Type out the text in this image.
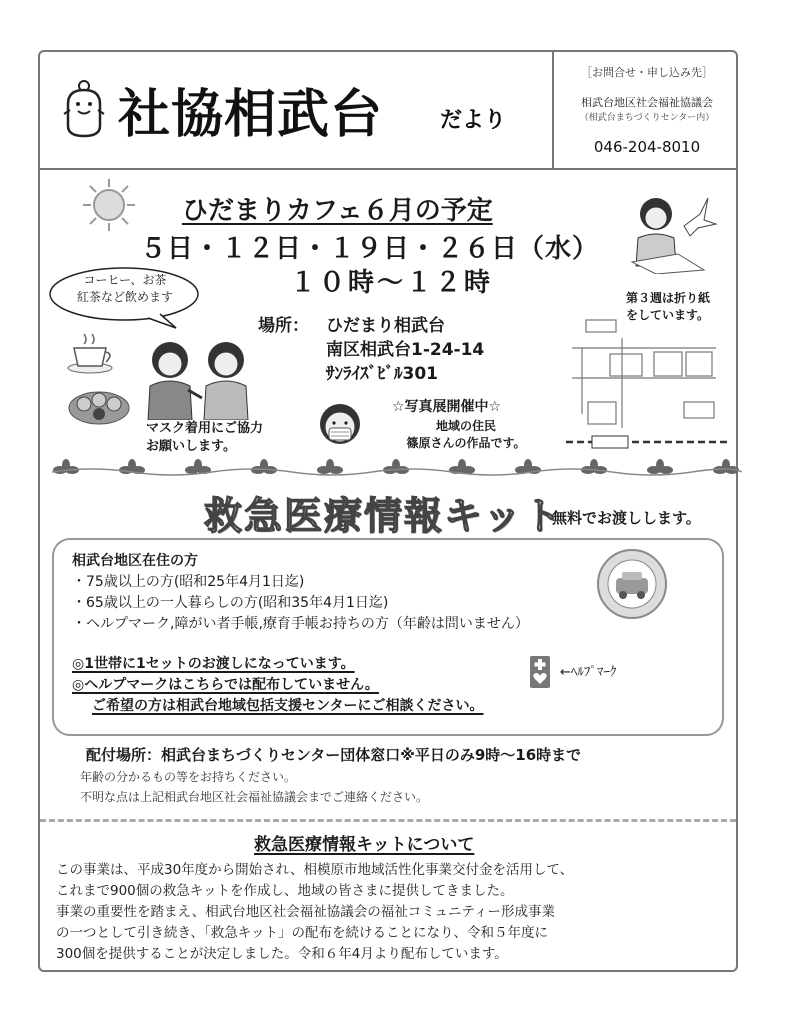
社協相武台	だより
［お問合せ・申し込み先］
相武台地区社会福祉協議会
（相武台まちづくりセンター内）
046-204-8010
ひだまりカフェ６月の予定
５日・１２日・１９日・２６日（水）
１０時～１２時
コーヒー、お茶
紅茶など飲めます
マスク着用にご協力
お願いします。
場所： ひだまり相武台
南区相武台1-24-14
ｻﾝﾗｲｽﾞﾋﾞﾙ301
☆写真展開催中☆
地域の住民
篠原さんの作品です。
第３週は折り紙
をしています。
救急医療情報キット
無料でお渡しします。
相武台地区在住の方
・75歳以上の方(昭和25年4月1日迄)
・65歳以上の一人暮らしの方(昭和35年4月1日迄)
・ヘルプマーク,障がい者手帳,療育手帳お持ちの方（年齢は問いません）
◎1世帯に1セットのお渡しになっています。
◎ヘルプマークはこちらでは配布していません。
ご希望の方は相武台地域包括支援センターにご相談ください。
←ﾍﾙﾌﾟﾏｰｸ
配付場所：相武台まちづくりセンター団体窓口※平日のみ9時～16時まで
年齢の分かるもの等をお持ちください。
不明な点は上記相武台地区社会福祉協議会までご連絡ください。
救急医療情報キットについて
この事業は、平成30年度から開始され、相模原市地域活性化事業交付金を活用して、
これまで900個の救急キットを作成し、地域の皆さまに提供してきました。
事業の重要性を踏まえ、相武台地区社会福祉協議会の福祉コミュニティー形成事業
の一つとして引き続き、「救急キット」の配布を続けることになり、令和５年度に
300個を提供することが決定しました。令和６年4月より配布しています。
